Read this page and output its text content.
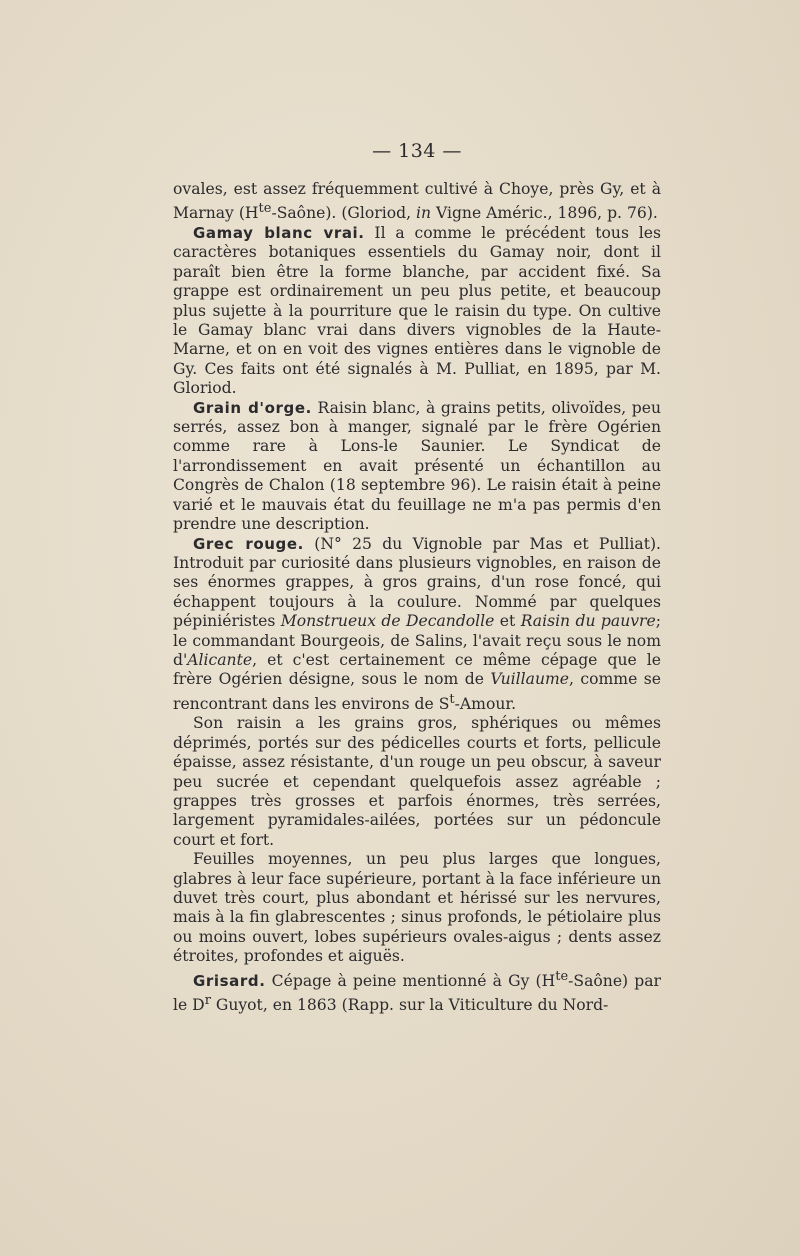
— 134 —

ovales, est assez fréquemment cultivé à Choye, près Gy, et à Marnay $(H^{te}-Saône)$. (Gloriod, in Vigne Améric., 1896, p. 76).

Gamay blanc vrai. Il a comme le précédent tous les caractères botaniques essentiels du Gamay noir, dont il paraît bien être la forme blanche, par accident fixé. Sa grappe est ordinairement un peu plus petite, et beaucoup plus sujette à la pourriture que le raisin du type. On cultive le Gamay blanc vrai dans divers vignobles de la Haute-Marne, et on en voit des vignes entières dans le vignoble de Gy. Ces faits ont été signalés à M. Pulliat, en 1895, par M. Gloriod.

Grain d'orge. Raisin blanc, à grains petits, olivoïdes, peu serrés, assez bon à manger, signalé par le frère Ogérien comme rare à Lons-le Saunier. Le Syndicat de l'arrondissement en avait présenté un échantillon au Congrès de Chalon (18 septembre 96). Le raisin était à peine varié et le mauvais état du feuillage ne m'a pas permis d'en prendre une description.

Grec rouge. (N° 25 du Vignoble par Mas et Pulliat). Introduit par curiosité dans plusieurs vignobles, en raison de ses énormes grappes, à gros grains, d'un rose foncé, qui échappent toujours à la coulure. Nommé par quelques pépiniéristes Monstrueux de Decandolle et Raisin du pauvre; le commandant Bourgeois, de Salins, l'avait reçu sous le nom d'Alicante, et c'est certainement ce même cépage que le frère Ogérien désigne, sous le nom de Vuillaume, comme se rencontrant dans les environs de $S^t$-Amour.

Son raisin a les grains gros, sphériques ou mêmes déprimés, portés sur des pédicelles courts et forts, pellicule épaisse, assez résistante, d'un rouge un peu obscur, à saveur peu sucrée et cependant quelquefois assez agréable ; grappes très grosses et parfois énormes, très serrées, largement pyramidales-ailées, portées sur un pédoncule court et fort.

Feuilles moyennes, un peu plus larges que longues, glabres à leur face supérieure, portant à la face inférieure un duvet très court, plus abondant et hérissé sur les nervures, mais à la fin glabrescentes ; sinus profonds, le pétiolaire plus ou moins ouvert, lobes supérieurs ovales-aigus ; dents assez étroites, profondes et aiguës.

Grisard. Cépage à peine mentionné à Gy $(H^{te}-Saône)$ par le $D^r$ Guyot, en 1863 (Rapp. sur la Viticulture du Nord-
